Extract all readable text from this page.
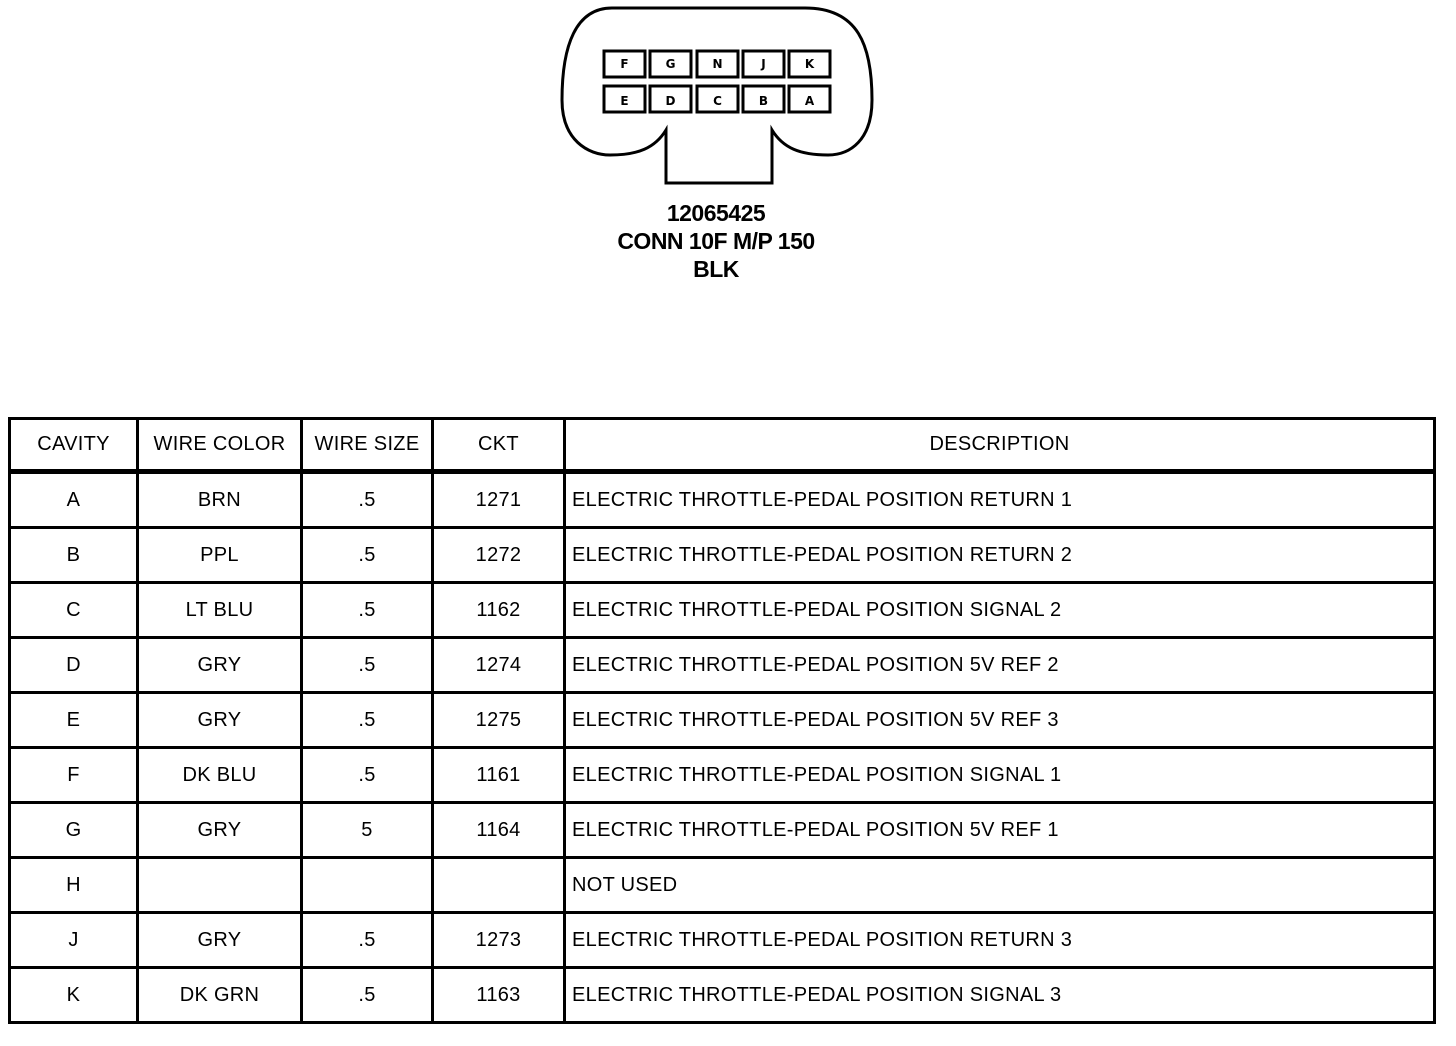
F	G	N	J	K
E	D	C	B	A
12065425
CONN 10F M/P 150
BLK
CAVITY	WIRE COLOR	WIRE SIZE	CKT	DESCRIPTION
A	BRN	.5	1271	ELECTRIC THROTTLE-PEDAL POSITION RETURN 1
B	PPL	.5	1272	ELECTRIC THROTTLE-PEDAL POSITION RETURN 2
C	LT BLU	.5	1162	ELECTRIC THROTTLE-PEDAL POSITION SIGNAL 2
D	GRY	.5	1274	ELECTRIC THROTTLE-PEDAL POSITION 5V REF 2
E	GRY	.5	1275	ELECTRIC THROTTLE-PEDAL POSITION 5V REF 3
F	DK BLU	.5	1161	ELECTRIC THROTTLE-PEDAL POSITION SIGNAL 1
G	GRY	5	1164	ELECTRIC THROTTLE-PEDAL POSITION 5V REF 1
H				NOT USED
J	GRY	.5	1273	ELECTRIC THROTTLE-PEDAL POSITION RETURN 3
K	DK GRN	.5	1163	ELECTRIC THROTTLE-PEDAL POSITION SIGNAL 3
